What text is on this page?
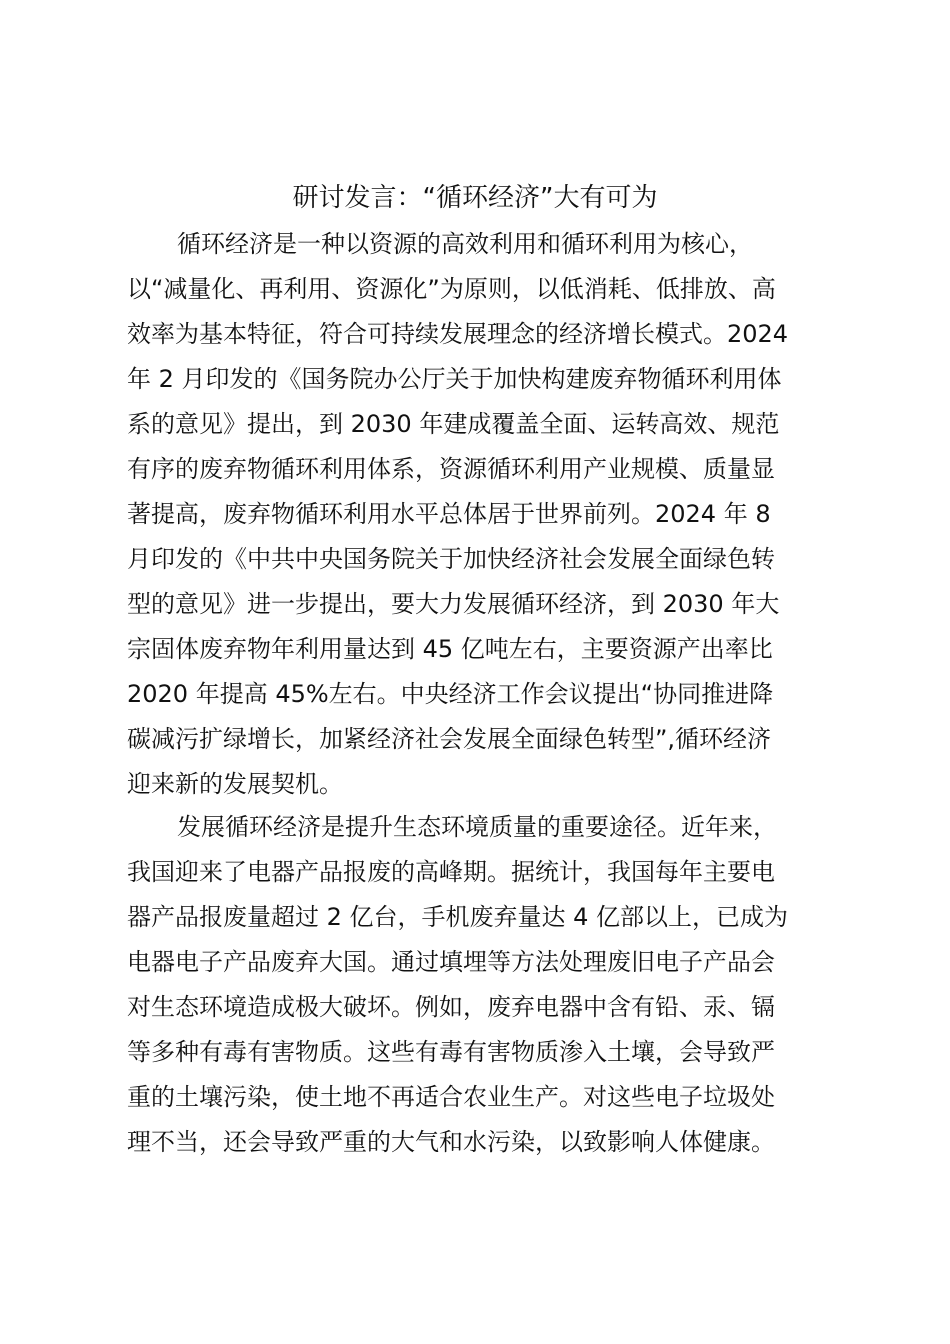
研讨发言：“循环经济”大有可为
循环经济是一种以资源的高效利用和循环利用为核心，
以“减量化、再利用、资源化”为原则，以低消耗、低排放、高
效率为基本特征，符合可持续发展理念的经济增长模式。2024
年 2 月印发的《国务院办公厅关于加快构建废弃物循环利用体
系的意见》提出，到 2030 年建成覆盖全面、运转高效、规范
有序的废弃物循环利用体系，资源循环利用产业规模、质量显
著提高，废弃物循环利用水平总体居于世界前列。2024 年 8
月印发的《中共中央国务院关于加快经济社会发展全面绿色转
型的意见》进一步提出，要大力发展循环经济，到 2030 年大
宗固体废弃物年利用量达到 45 亿吨左右，主要资源产出率比
2020 年提高 45%左右。中央经济工作会议提出“协同推进降
碳减污扩绿增长，加紧经济社会发展全面绿色转型”,循环经济
迎来新的发展契机。
发展循环经济是提升生态环境质量的重要途径。近年来，
我国迎来了电器产品报废的高峰期。据统计，我国每年主要电
器产品报废量超过 2 亿台，手机废弃量达 4 亿部以上，已成为
电器电子产品废弃大国。通过填埋等方法处理废旧电子产品会
对生态环境造成极大破坏。例如，废弃电器中含有铅、汞、镉
等多种有毒有害物质。这些有毒有害物质渗入土壤，会导致严
重的土壤污染，使土地不再适合农业生产。对这些电子垃圾处
理不当，还会导致严重的大气和水污染，以致影响人体健康。
